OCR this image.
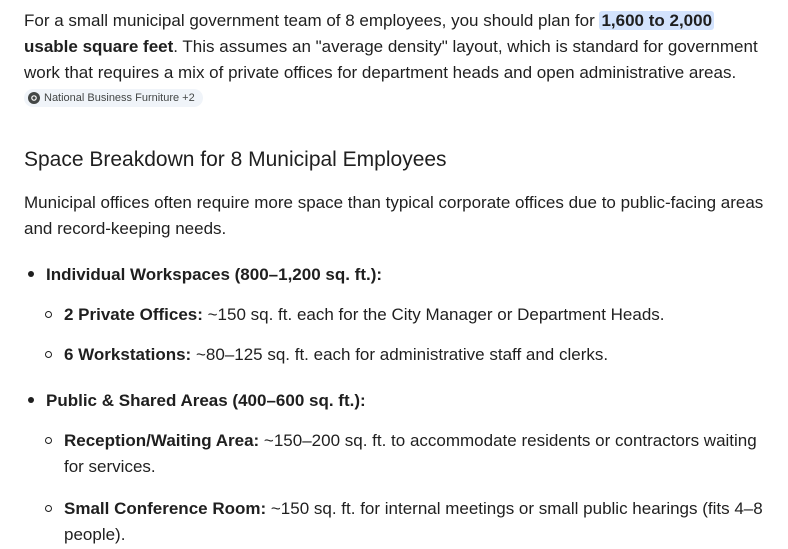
For a small municipal government team of 8 employees, you should plan for 1,600 to 2,000 usable square feet. This assumes an "average density" layout, which is standard for government work that requires a mix of private offices for department heads and open administrative areas.
National Business Furniture +2

Space Breakdown for 8 Municipal Employees

Municipal offices often require more space than typical corporate offices due to public-facing areas and record-keeping needs.

Individual Workspaces (800–1,200 sq. ft.):
2 Private Offices: ~150 sq. ft. each for the City Manager or Department Heads.
6 Workstations: ~80–125 sq. ft. each for administrative staff and clerks.
Public & Shared Areas (400–600 sq. ft.):
Reception/Waiting Area: ~150–200 sq. ft. to accommodate residents or contractors waiting for services.
Small Conference Room: ~150 sq. ft. for internal meetings or small public hearings (fits 4–8 people).
